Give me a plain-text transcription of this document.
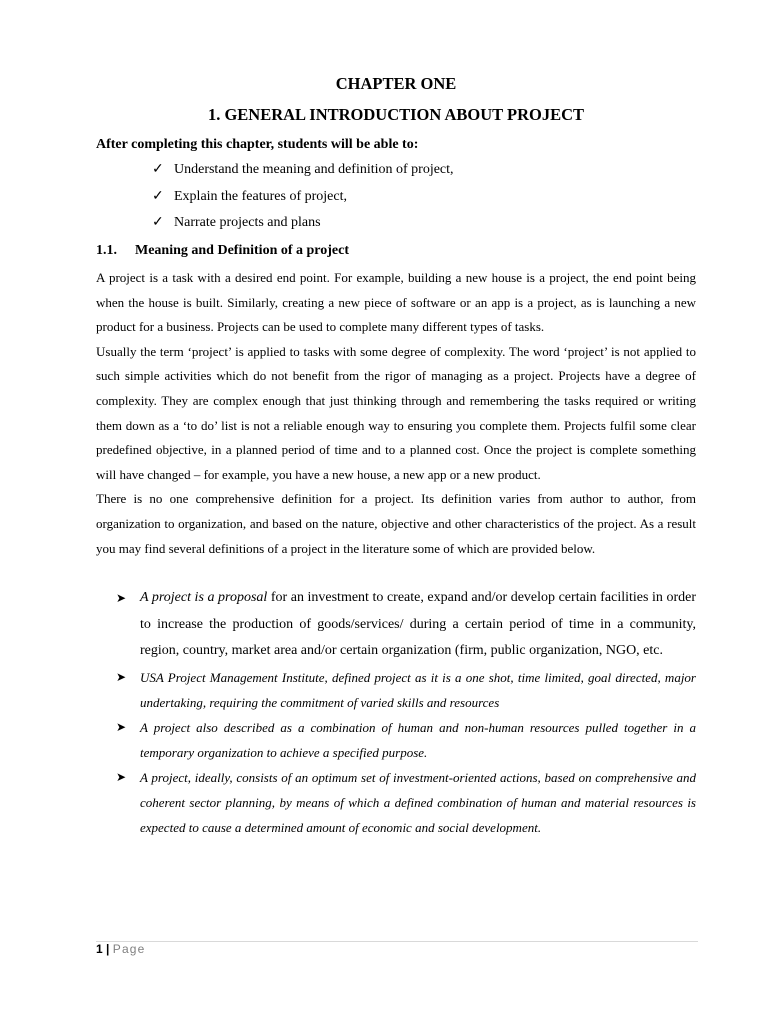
CHAPTER ONE
1. GENERAL INTRODUCTION ABOUT PROJECT
After completing this chapter, students will be able to:
✓ Understand the meaning and definition of project,
✓ Explain the features of project,
✓ Narrate projects and plans
1.1.	Meaning and Definition of a project

A project is a task with a desired end point. For example, building a new house is a project, the end point being when the house is built. Similarly, creating a new piece of software or an app is a project, as is launching a new product for a business. Projects can be used to complete many different types of tasks.

Usually the term ‘project’ is applied to tasks with some degree of complexity. The word ‘project’ is not applied to such simple activities which do not benefit from the rigor of managing as a project. Projects have a degree of complexity. They are complex enough that just thinking through and remembering the tasks required or writing them down as a ‘to do’ list is not a reliable enough way to ensuring you complete them. Projects fulfil some clear predefined objective, in a planned period of time and to a planned cost. Once the project is complete something will have changed – for example, you have a new house, a new app or a new product.

There is no one comprehensive definition for a project. Its definition varies from author to author, from organization to organization, and based on the nature, objective and other characteristics of the project. As a result you may find several definitions of a project in the literature some of which are provided below.

➤ A project is a proposal for an investment to create, expand and/or develop certain facilities in order to increase the production of goods/services/ during a certain period of time in a community, region, country, market area and/or certain organization (firm, public organization, NGO, etc.
➤	USA Project Management Institute, defined project as it is a one shot, time limited, goal directed, major undertaking, requiring the commitment of varied skills and resources
➤	A project also described as a combination of human and non-human resources pulled together in a temporary organization to achieve a specified purpose.
➤	A project, ideally, consists of an optimum set of investment-oriented actions, based on comprehensive and coherent sector planning, by means of which a defined combination of human and material resources is expected to cause a determined amount of economic and social development.
1 | Page
